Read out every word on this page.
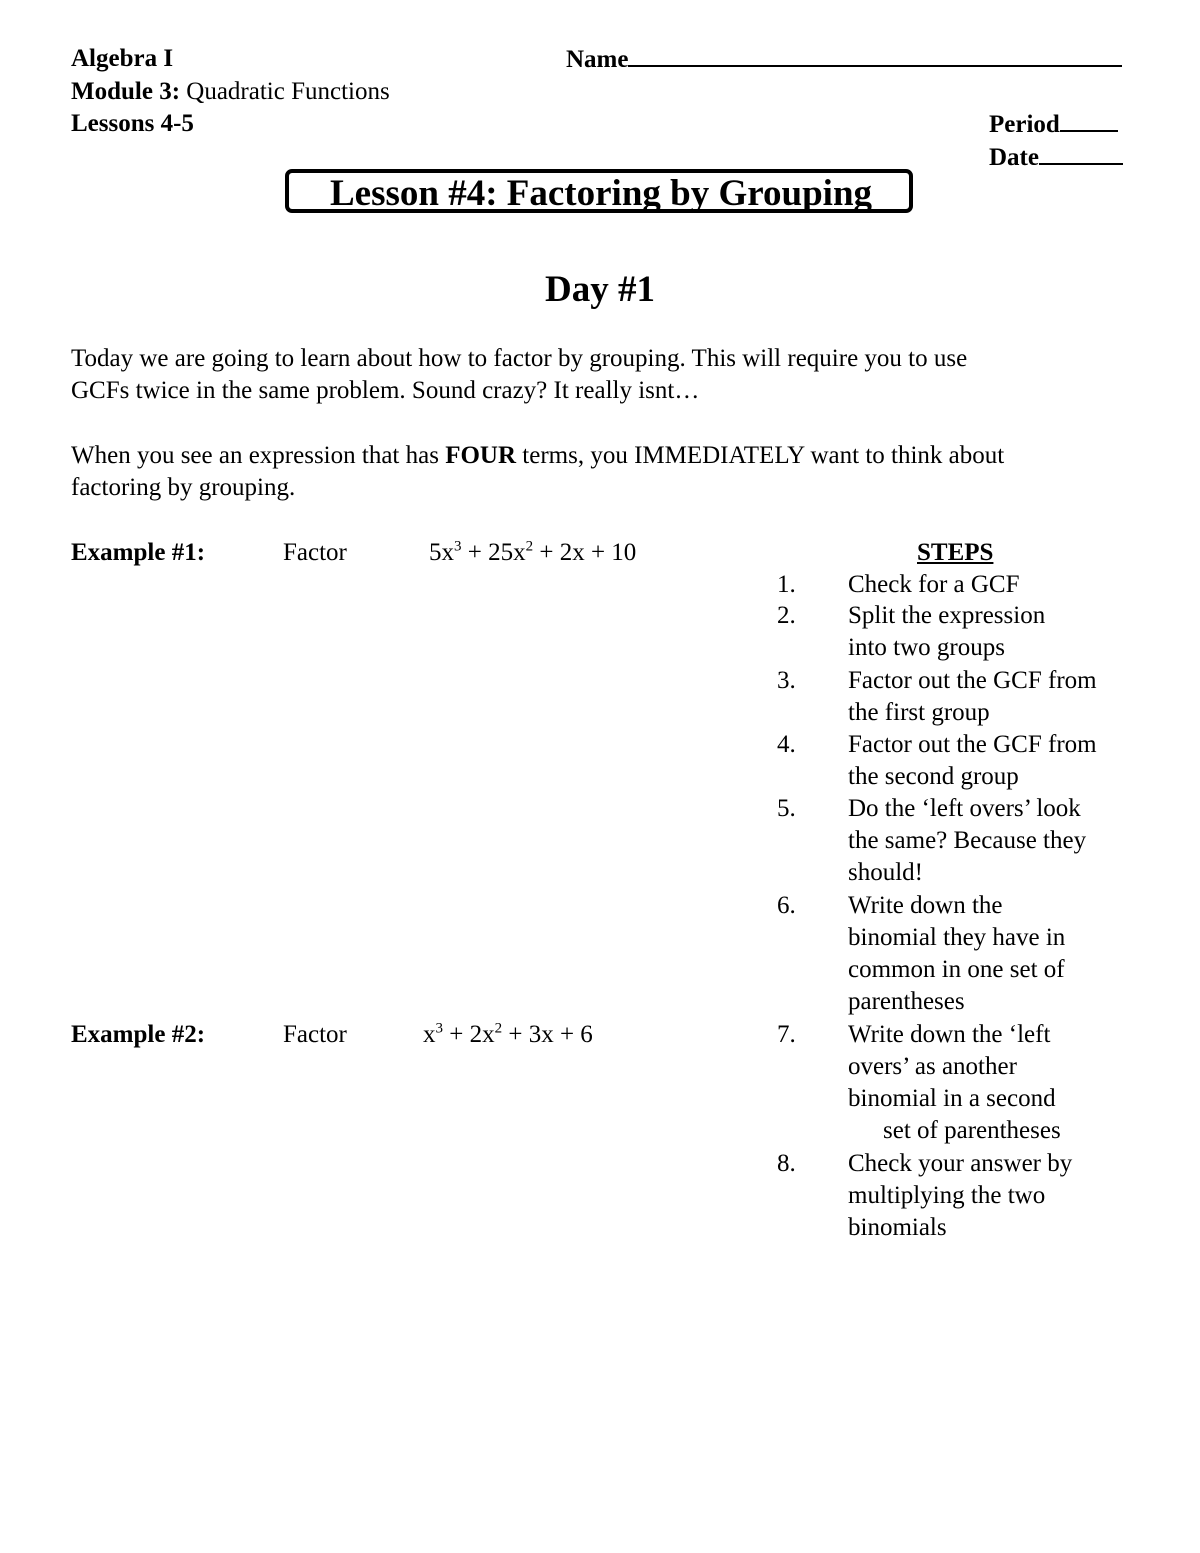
Algebra I
Module 3: Quadratic Functions
Lessons 4-5
Name
Period
Date
Lesson #4: Factoring by Grouping
Day #1
Today we are going to learn about how to factor by grouping. This will require you to use
GCFs twice in the same problem. Sound crazy? It really isnt…
When you see an expression that has FOUR terms, you IMMEDIATELY want to think about
factoring by grouping.
Example #1:	Factor	$5x^3 + 25x^2 + 2x + 10$
Example #2:	Factor	$x^3 + 2x^2 + 3x + 6$
STEPS
1. Check for a GCF
2. Split the expression
into two groups
3. Factor out the GCF from
the first group
4. Factor out the GCF from
the second group
5. Do the ‘left overs’ look
the same? Because they
should!
6. Write down the
binomial they have in
common in one set of
parentheses
7. Write down the ‘left
overs’ as another
binomial in a second
set of parentheses
8. Check your answer by
multiplying the two
binomials
